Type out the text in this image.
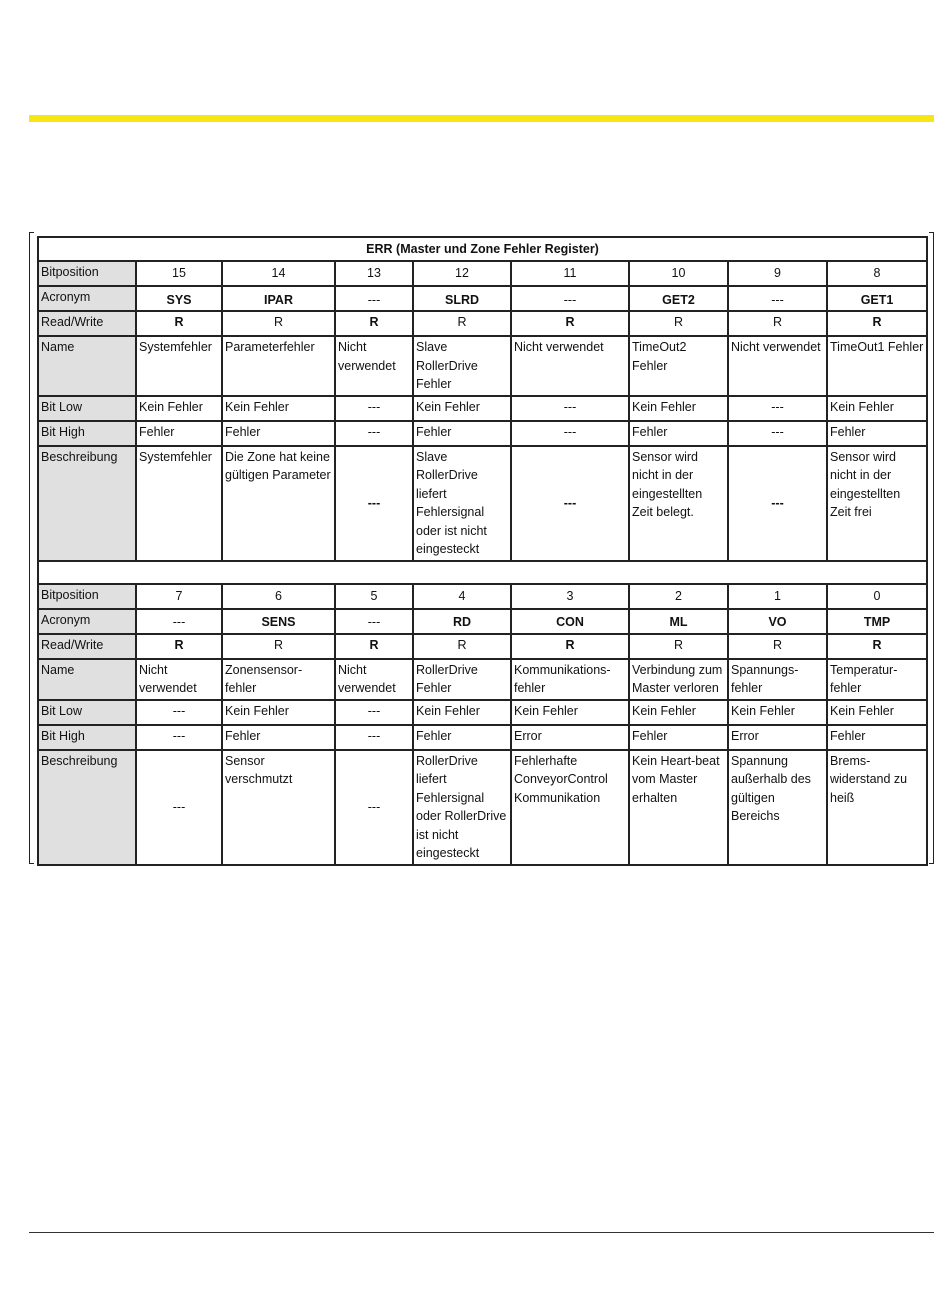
ERR (Master und Zone Fehler Register)								
Bitposition	15	14	13	12	11	10	9	8
Acronym	SYS	IPAR	---	SLRD	---	GET2	---	GET1
Read/Write	R	R	R	R	R	R	R	R
Name	Systemfehler	Parameterfehler	Nicht verwendet	Slave RollerDrive Fehler	Nicht verwendet	TimeOut2 Fehler	Nicht verwendet	TimeOut1 Fehler
Bit Low	Kein Fehler	Kein Fehler	---	Kein Fehler	---	Kein Fehler	---	Kein Fehler
Bit High	Fehler	Fehler	---	Fehler	---	Fehler	---	Fehler
Beschreibung	Systemfehler	Die Zone hat keine gültigen Parameter	---	Slave RollerDrive liefert Fehlersignal oder ist nicht eingesteckt	---	Sensor wird nicht in der eingestellten Zeit belegt.	---	Sensor wird nicht in der eingestellten Zeit frei

Bitposition	7	6	5	4	3	2	1	0
Acronym	---	SENS	---	RD	CON	ML	VO	TMP
Read/Write	R	R	R	R	R	R	R	R
Name	Nicht verwendet	Zonensensor-fehler	Nicht verwendet	RollerDrive Fehler	Kommunikations-fehler	Verbindung zum Master verloren	Spannungs-fehler	Temperatur-fehler
Bit Low	---	Kein Fehler	---	Kein Fehler	Kein Fehler	Kein Fehler	Kein Fehler	Kein Fehler
Bit High	---	Fehler	---	Fehler	Error	Fehler	Error	Fehler
Beschreibung	---	Sensor verschmutzt	---	RollerDrive liefert Fehlersignal oder RollerDrive ist nicht eingesteckt	Fehlerhafte ConveyorControl Kommunikation	Kein Heart-beat vom Master erhalten	Spannung außerhalb des gültigen Bereichs	Brems-widerstand zu heiß
